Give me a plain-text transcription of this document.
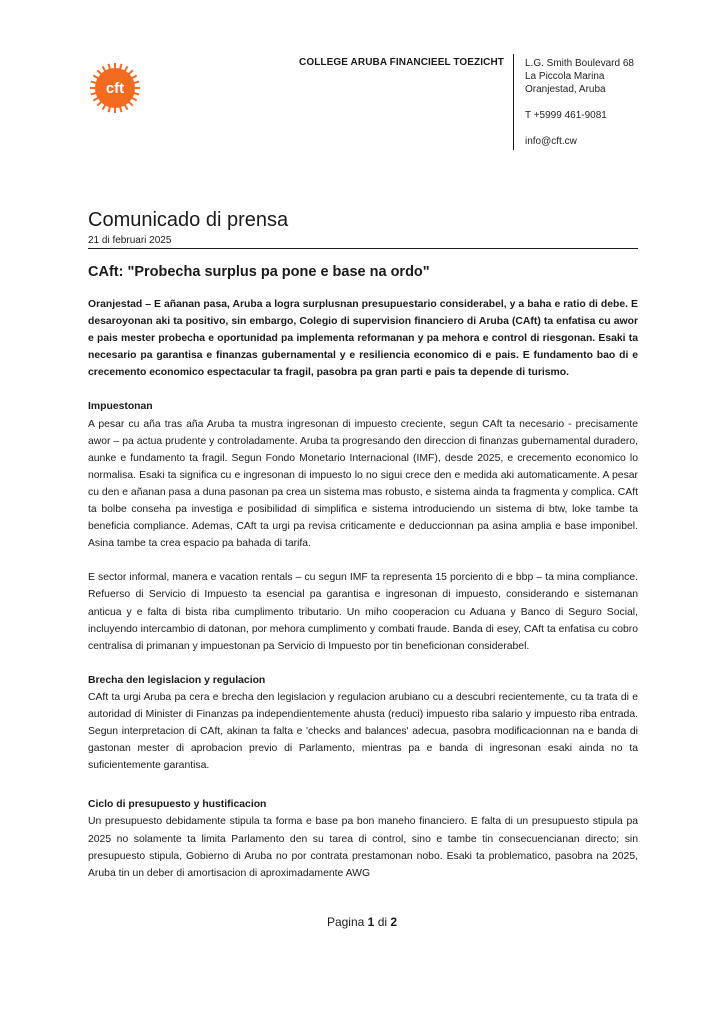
cft
COLLEGE ARUBA FINANCIEEL TOEZICHT L.G. Smith Boulevard 68
La Piccola Marina
Oranjestad, Aruba
T +5999 461-9081
info@cft.cw
Comunicado di prensa
21 di februari 2025
CAft: "Probecha surplus pa pone e base na ordo"

Oranjestad – E añanan pasa, Aruba a logra surplusnan presupuestario considerabel, y a baha e ratio di debe. E desaroyonan aki ta positivo, sin embargo, Colegio di supervision financiero di Aruba (CAft) ta enfatisa cu awor e pais mester probecha e oportunidad pa implementa reformanan y pa mehora e control di riesgonan. Esaki ta necesario pa garantisa e finanzas gubernamental y e resiliencia economico di e pais. E fundamento bao di e crecemento economico espectacular ta fragil, pasobra pa gran parti e pais ta depende di turismo.

Impuestonan

A pesar cu aña tras aña Aruba ta mustra ingresonan di impuesto creciente, segun CAft ta necesario - precisamente awor – pa actua prudente y controladamente. Aruba ta progresando den direccion di finanzas gubernamental duradero, aunke e fundamento ta fragil. Segun Fondo Monetario Internacional (IMF), desde 2025, e crecemento economico lo normalisa. Esaki ta significa cu e ingresonan di impuesto lo no sigui crece den e medida aki automaticamente. A pesar cu den e añanan pasa a duna pasonan pa crea un sistema mas robusto, e sistema ainda ta fragmenta y complica. CAft ta bolbe conseha pa investiga e posibilidad di simplifica e sistema introduciendo un sistema di btw, loke tambe ta beneficia compliance. Ademas, CAft ta urgi pa revisa criticamente e deduccionnan pa asina amplia e base imponibel. Asina tambe ta crea espacio pa bahada di tarifa.

E sector informal, manera e vacation rentals – cu segun IMF ta representa 15 porciento di e bbp – ta mina compliance. Refuerso di Servicio di Impuesto ta esencial pa garantisa e ingresonan di impuesto, considerando e sistemanan anticua y e falta di bista riba cumplimento tributario. Un miho cooperacion cu Aduana y Banco di Seguro Social, incluyendo intercambio di datonan, por mehora cumplimento y combati fraude. Banda di esey, CAft ta enfatisa cu cobro centralisa di primanan y impuestonan pa Servicio di Impuesto por tin beneficionan considerabel.

Brecha den legislacion y regulacion

CAft ta urgi Aruba pa cera e brecha den legislacion y regulacion arubiano cu a descubri recientemente, cu ta trata di e autoridad di Minister di Finanzas pa independientemente ahusta (reduci) impuesto riba salario y impuesto riba entrada. Segun interpretacion di CAft, akinan ta falta e 'checks and balances' adecua, pasobra modificacionnan na e banda di gastonan mester di aprobacion previo di Parlamento, mientras pa e banda di ingresonan esaki ainda no ta suficientemente garantisa.

Ciclo di presupuesto y hustificacion

Un presupuesto debidamente stipula ta forma e base pa bon maneho financiero. E falta di un presupuesto stipula pa 2025 no solamente ta limita Parlamento den su tarea di control, sino e tambe tin consecuencianan directo; sin presupuesto stipula, Gobierno di Aruba no por contrata prestamonan nobo. Esaki ta problematico, pasobra na 2025, Aruba tin un deber di amortisacion di aproximadamente AWG

Pagina 1 di 2
